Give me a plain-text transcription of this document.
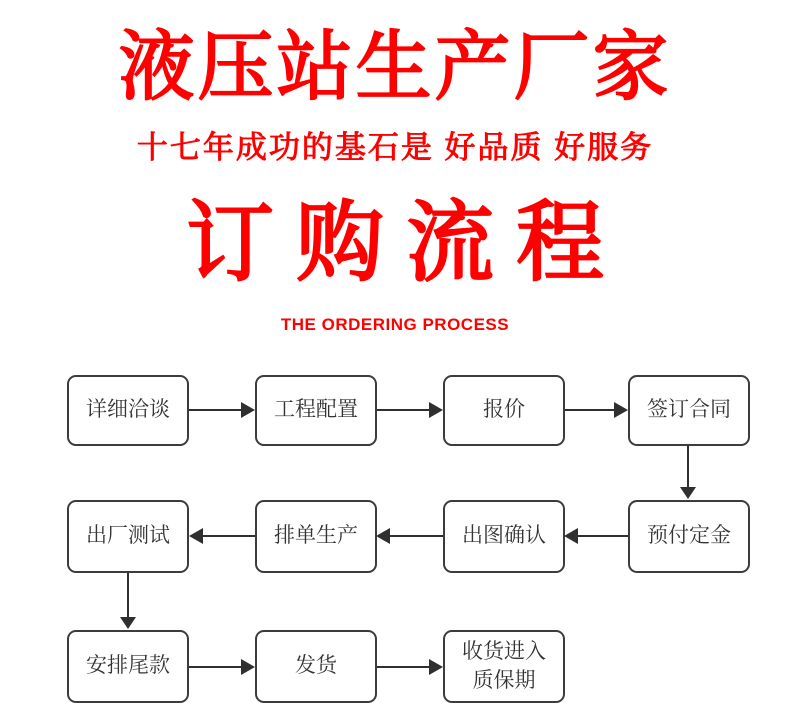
液压站生产厂家
十七年成功的基石是 好品质 好服务
订购流程
THE ORDERING PROCESS
详细洽谈	工程配置	报价	签订合同
出厂测试	排单生产	出图确认	预付定金
安排尾款	发货
收货进入质保期
